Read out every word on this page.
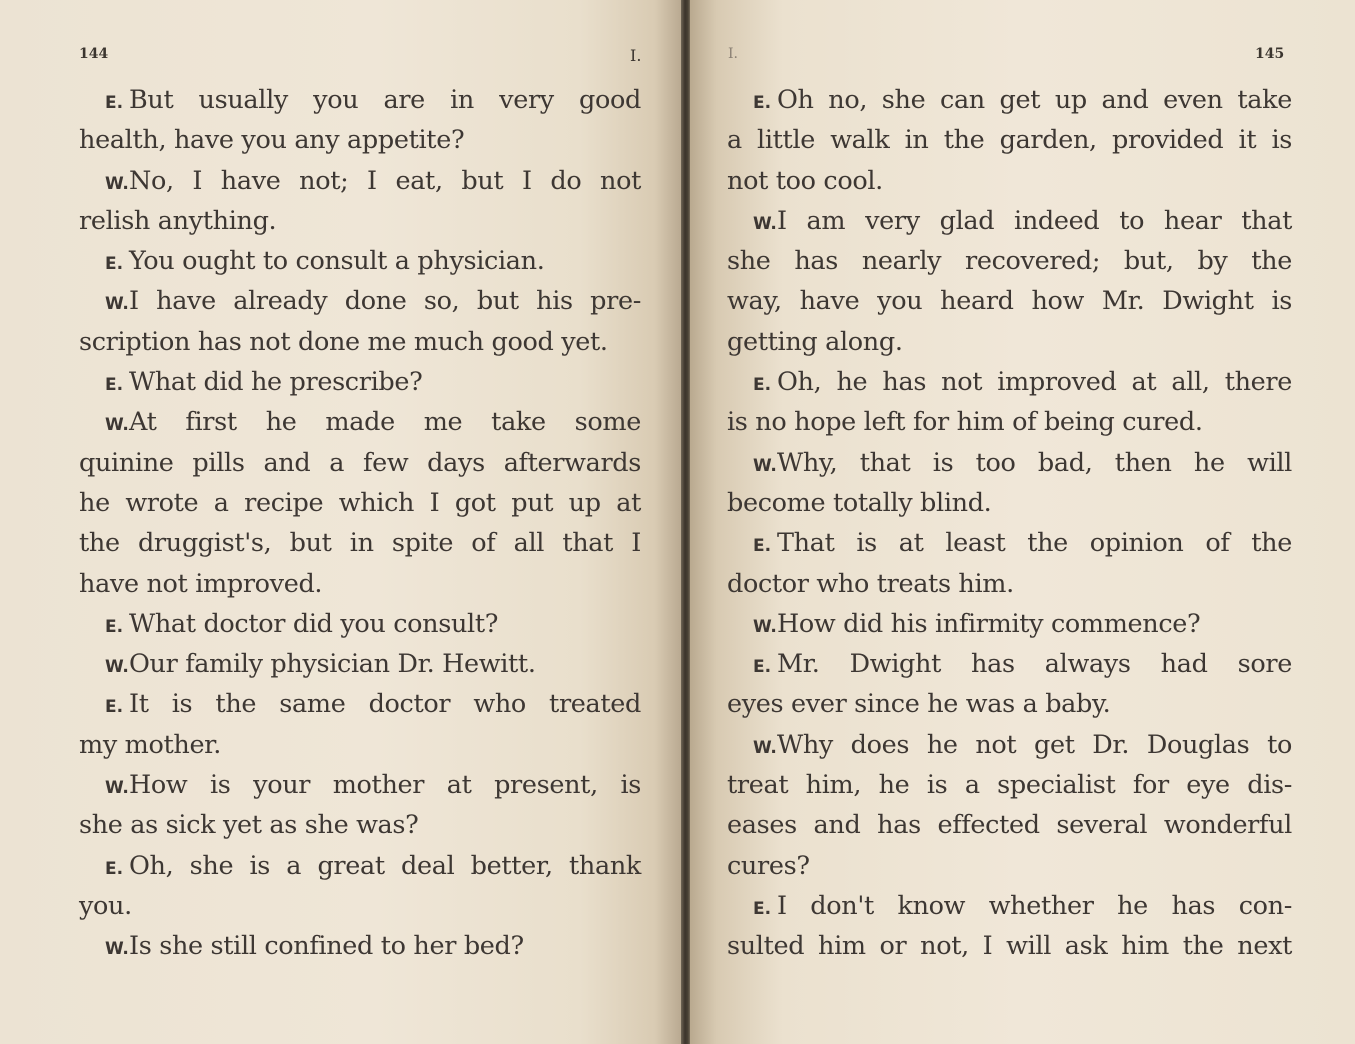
144	I.
E. But usually you are in very good
health, have you any appetite?
W.No, I have not; I eat, but I do not
relish anything.
E. You ought to consult a physician.
W.I have already done so, but his pre-
scription has not done me much good yet.
E. What did he prescribe?
W.At first he made me take some
quinine pills and a few days afterwards
he wrote a recipe which I got put up at
the druggist's, but in spite of all that I
have not improved.
E. What doctor did you consult?
W.Our family physician Dr. Hewitt.
E. It is the same doctor who treated
my mother.
W.How is your mother at present, is
she as sick yet as she was?
E. Oh, she is a great deal better, thank
you.
W.Is she still confined to her bed?
I.	145
E. Oh no, she can get up and even take
a little walk in the garden, provided it is
not too cool.
W.I am very glad indeed to hear that
she has nearly recovered; but, by the
way, have you heard how Mr. Dwight is
getting along.
E. Oh, he has not improved at all, there
is no hope left for him of being cured.
W.Why, that is too bad, then he will
become totally blind.
E. That is at least the opinion of the
doctor who treats him.
W.How did his infirmity commence?
E. Mr. Dwight has always had sore
eyes ever since he was a baby.
W.Why does he not get Dr. Douglas to
treat him, he is a specialist for eye dis-
eases and has effected several wonderful
cures?
E. I don't know whether he has con-
sulted him or not, I will ask him the next
